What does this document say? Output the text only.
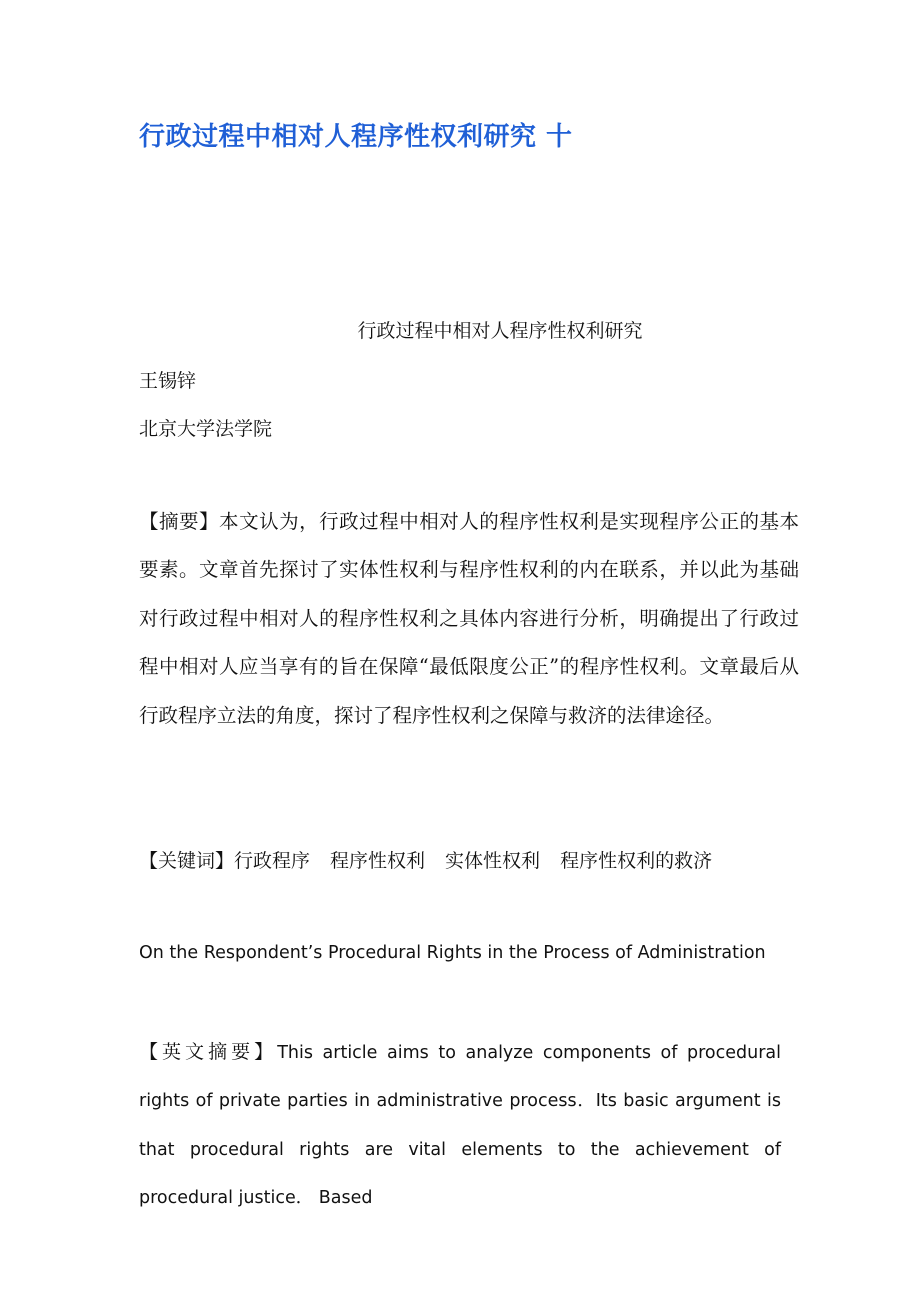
行政过程中相对人程序性权利研究 十
行政过程中相对人程序性权利研究
王锡锌
北京大学法学院
【摘要】本文认为，行政过程中相对人的程序性权利是实现程序公正的基本要素。文章首先探讨了实体性权利与程序性权利的内在联系，并以此为基础对行政过程中相对人的程序性权利之具体内容进行分析，明确提出了行政过程中相对人应当享有的旨在保障“最低限度公正”的程序性权利。文章最后从行政程序立法的角度，探讨了程序性权利之保障与救济的法律途径。
【关键词】行政程序 程序性权利 实体性权利 程序性权利的救济
On the Respondent’s Procedural Rights in the Process of Administration
【英文摘要】This article aims to analyze components of procedural rights of private parties in administrative process．Its basic argument is that procedural rights are vital elements to the achievement of procedural justice． Based
